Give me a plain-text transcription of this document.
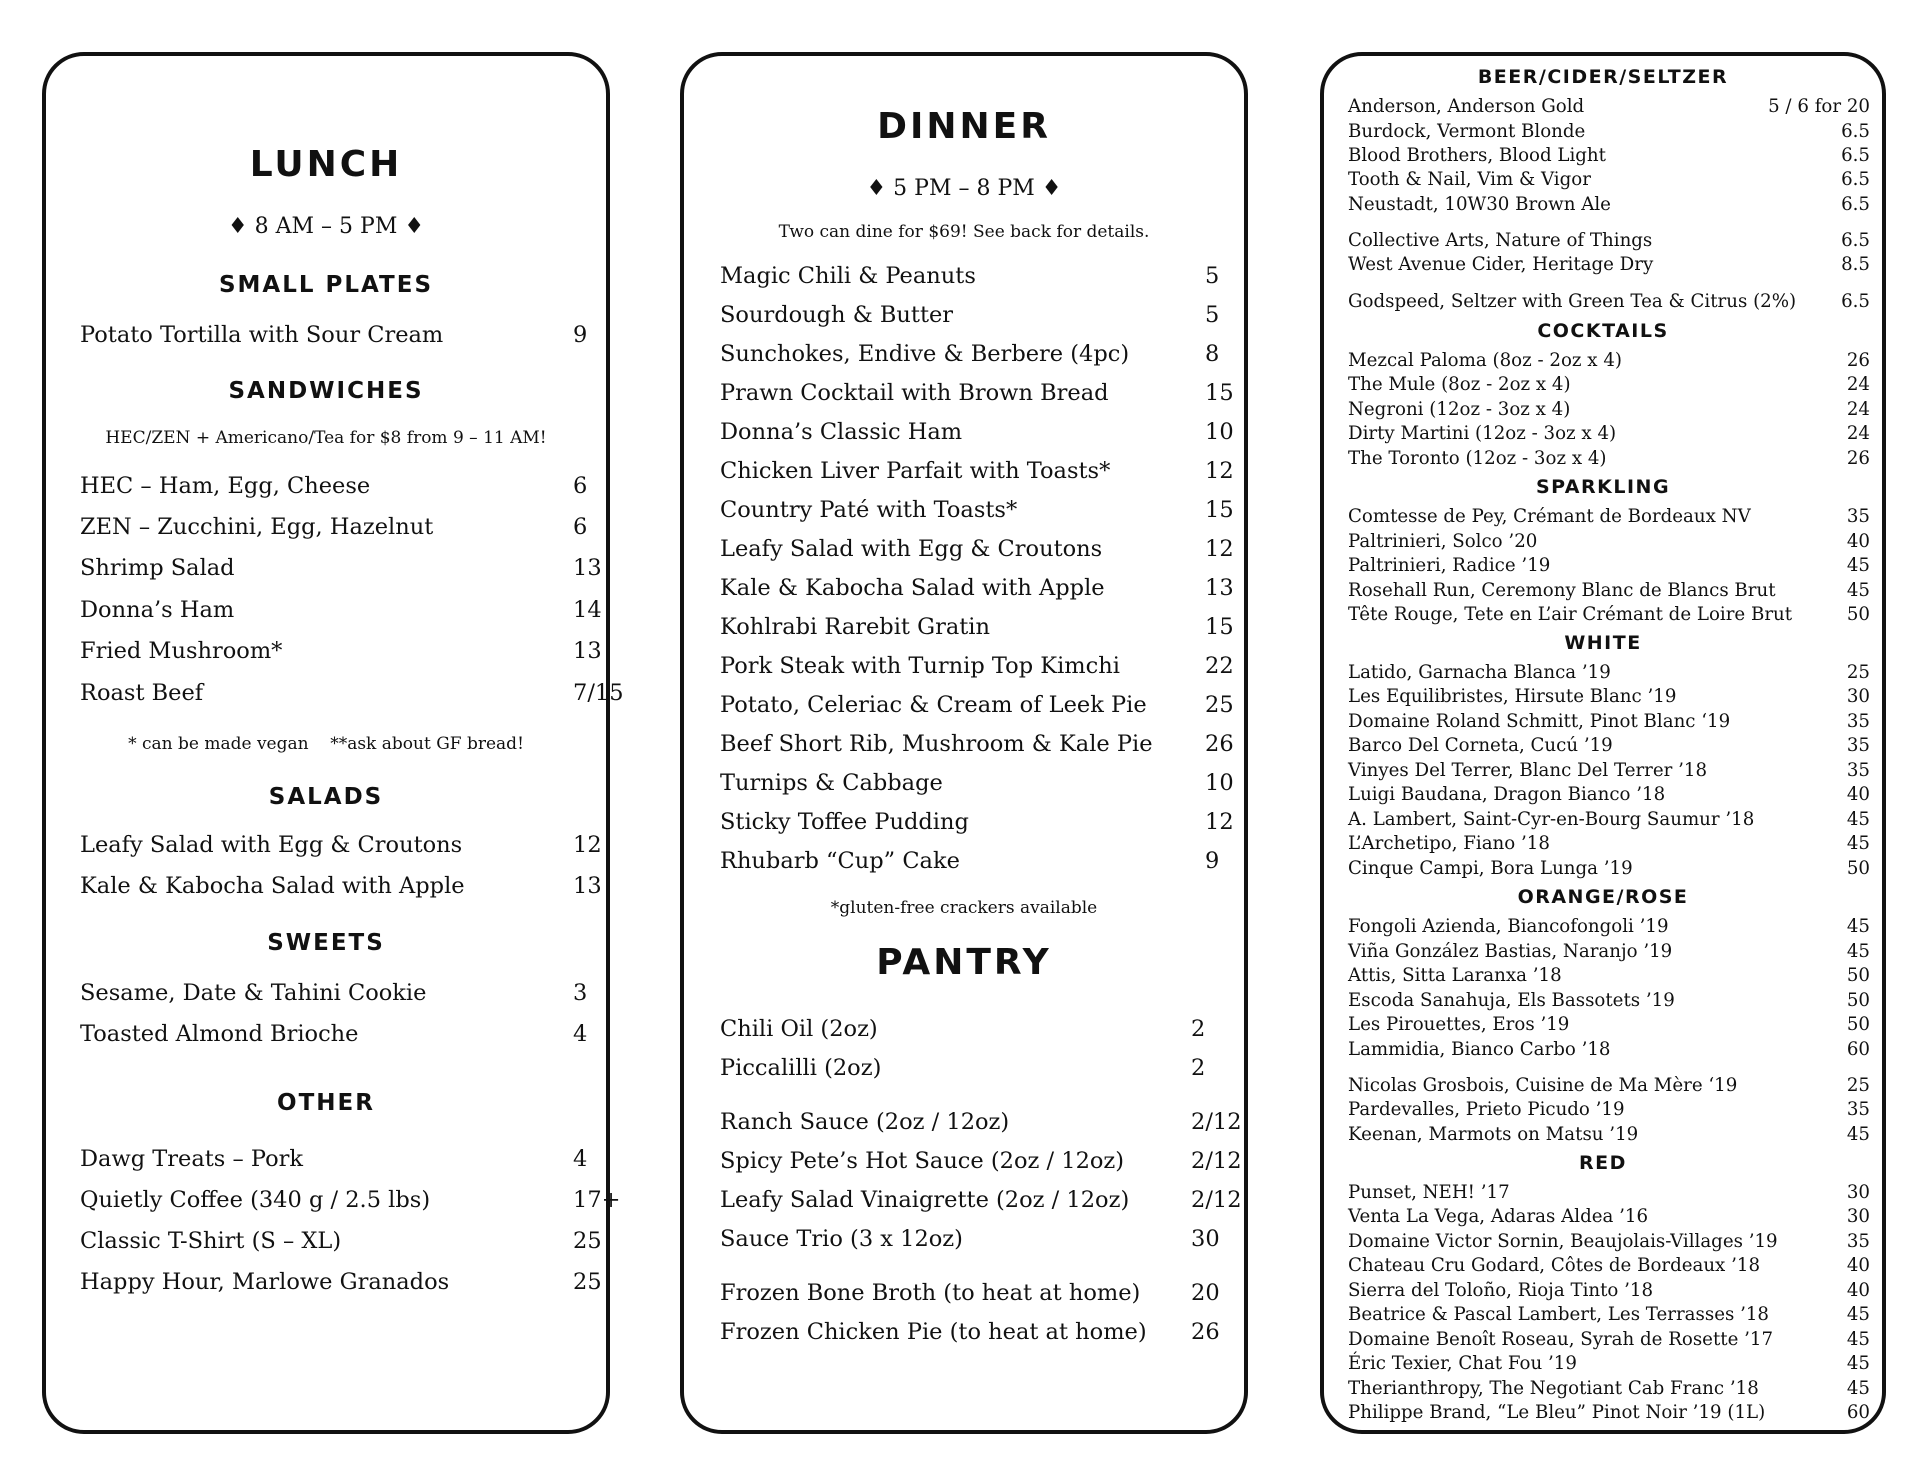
LUNCH
♦ 8 AM – 5 PM ♦
SMALL PLATES
Potato Tortilla with Sour Cream	9
SANDWICHES
HEC/ZEN + Americano/Tea for $8 from 9 – 11 AM!
HEC – Ham, Egg, Cheese	6
ZEN – Zucchini, Egg, Hazelnut	6
Shrimp Salad	13
Donna’s Ham	14
Fried Mushroom*	13
Roast Beef	7/15
* can be made vegan    **ask about GF bread!
SALADS
Leafy Salad with Egg & Croutons	12
Kale & Kabocha Salad with Apple	13
SWEETS
Sesame, Date & Tahini Cookie	3
Toasted Almond Brioche	4
OTHER
Dawg Treats – Pork	4
Quietly Coffee (340 g / 2.5 lbs)	17+
Classic T-Shirt (S – XL)	25
Happy Hour, Marlowe Granados	25
DINNER
♦ 5 PM – 8 PM ♦
Two can dine for $69! See back for details.
Magic Chili & Peanuts	5
Sourdough & Butter	5
Sunchokes, Endive & Berbere (4pc)	8
Prawn Cocktail with Brown Bread	15
Donna’s Classic Ham	10
Chicken Liver Parfait with Toasts*	12
Country Paté with Toasts*	15
Leafy Salad with Egg & Croutons	12
Kale & Kabocha Salad with Apple	13
Kohlrabi Rarebit Gratin	15
Pork Steak with Turnip Top Kimchi	22
Potato, Celeriac & Cream of Leek Pie	25
Beef Short Rib, Mushroom & Kale Pie 26
Turnips & Cabbage	10
Sticky Toffee Pudding	12
Rhubarb “Cup” Cake	9
*gluten-free crackers available
PANTRY
Chili Oil (2oz)	2
Piccalilli (2oz)	2
Ranch Sauce (2oz / 12oz)	2/12
Spicy Pete’s Hot Sauce (2oz / 12oz)	2/12
Leafy Salad Vinaigrette (2oz / 12oz)	2/12
Sauce Trio (3 x 12oz)	30
Frozen Bone Broth (to heat at home) 20
Frozen Chicken Pie (to heat at home) 26
BEER/CIDER/SELTZER
Anderson, Anderson Gold	5 / 6 for 20
Burdock, Vermont Blonde	6.5
Blood Brothers, Blood Light	6.5
Tooth & Nail, Vim & Vigor	6.5
Neustadt, 10W30 Brown Ale	6.5
Collective Arts, Nature of Things	6.5
West Avenue Cider, Heritage Dry	8.5
Godspeed, Seltzer with Green Tea & Citrus (2%) 6.5
COCKTAILS
Mezcal Paloma (8oz - 2oz x 4)	26
The Mule (8oz - 2oz x 4)	24
Negroni (12oz - 3oz x 4)	24
Dirty Martini (12oz - 3oz x 4)	24
The Toronto (12oz - 3oz x 4)	26
SPARKLING
Comtesse de Pey, Crémant de Bordeaux NV	35
Paltrinieri, Solco ’20	40
Paltrinieri, Radice ’19	45
Rosehall Run, Ceremony Blanc de Blancs Brut	45
Tête Rouge, Tete en L’air Crémant de Loire Brut	50
WHITE
Latido, Garnacha Blanca ’19	25
Les Equilibristes, Hirsute Blanc ’19	30
Domaine Roland Schmitt, Pinot Blanc ‘19	35
Barco Del Corneta, Cucú ’19	35
Vinyes Del Terrer, Blanc Del Terrer ’18	35
Luigi Baudana, Dragon Bianco ’18	40
A. Lambert, Saint-Cyr-en-Bourg Saumur ’18	45
L’Archetipo, Fiano ’18	45
Cinque Campi, Bora Lunga ’19	50
ORANGE/ROSE
Fongoli Azienda, Biancofongoli ’19	45
Viña González Bastias, Naranjo ’19	45
Attis, Sitta Laranxa ’18	50
Escoda Sanahuja, Els Bassotets ’19	50
Les Pirouettes, Eros ’19	50
Lammidia, Bianco Carbo ’18	60
Nicolas Grosbois, Cuisine de Ma Mère ‘19	25
Pardevalles, Prieto Picudo ’19	35
Keenan, Marmots on Matsu ’19	45
RED
Punset, NEH! ’17	30
Venta La Vega, Adaras Aldea ’16	30
Domaine Victor Sornin, Beaujolais-Villages ’19	35
Chateau Cru Godard, Côtes de Bordeaux ’18	40
Sierra del Toloño, Rioja Tinto ’18	40
Beatrice & Pascal Lambert, Les Terrasses ’18	45
Domaine Benoît Roseau, Syrah de Rosette ’17	45
Éric Texier, Chat Fou ’19	45
Therianthropy, The Negotiant Cab Franc ’18	45
Philippe Brand, “Le Bleu” Pinot Noir ’19 (1L)	60
